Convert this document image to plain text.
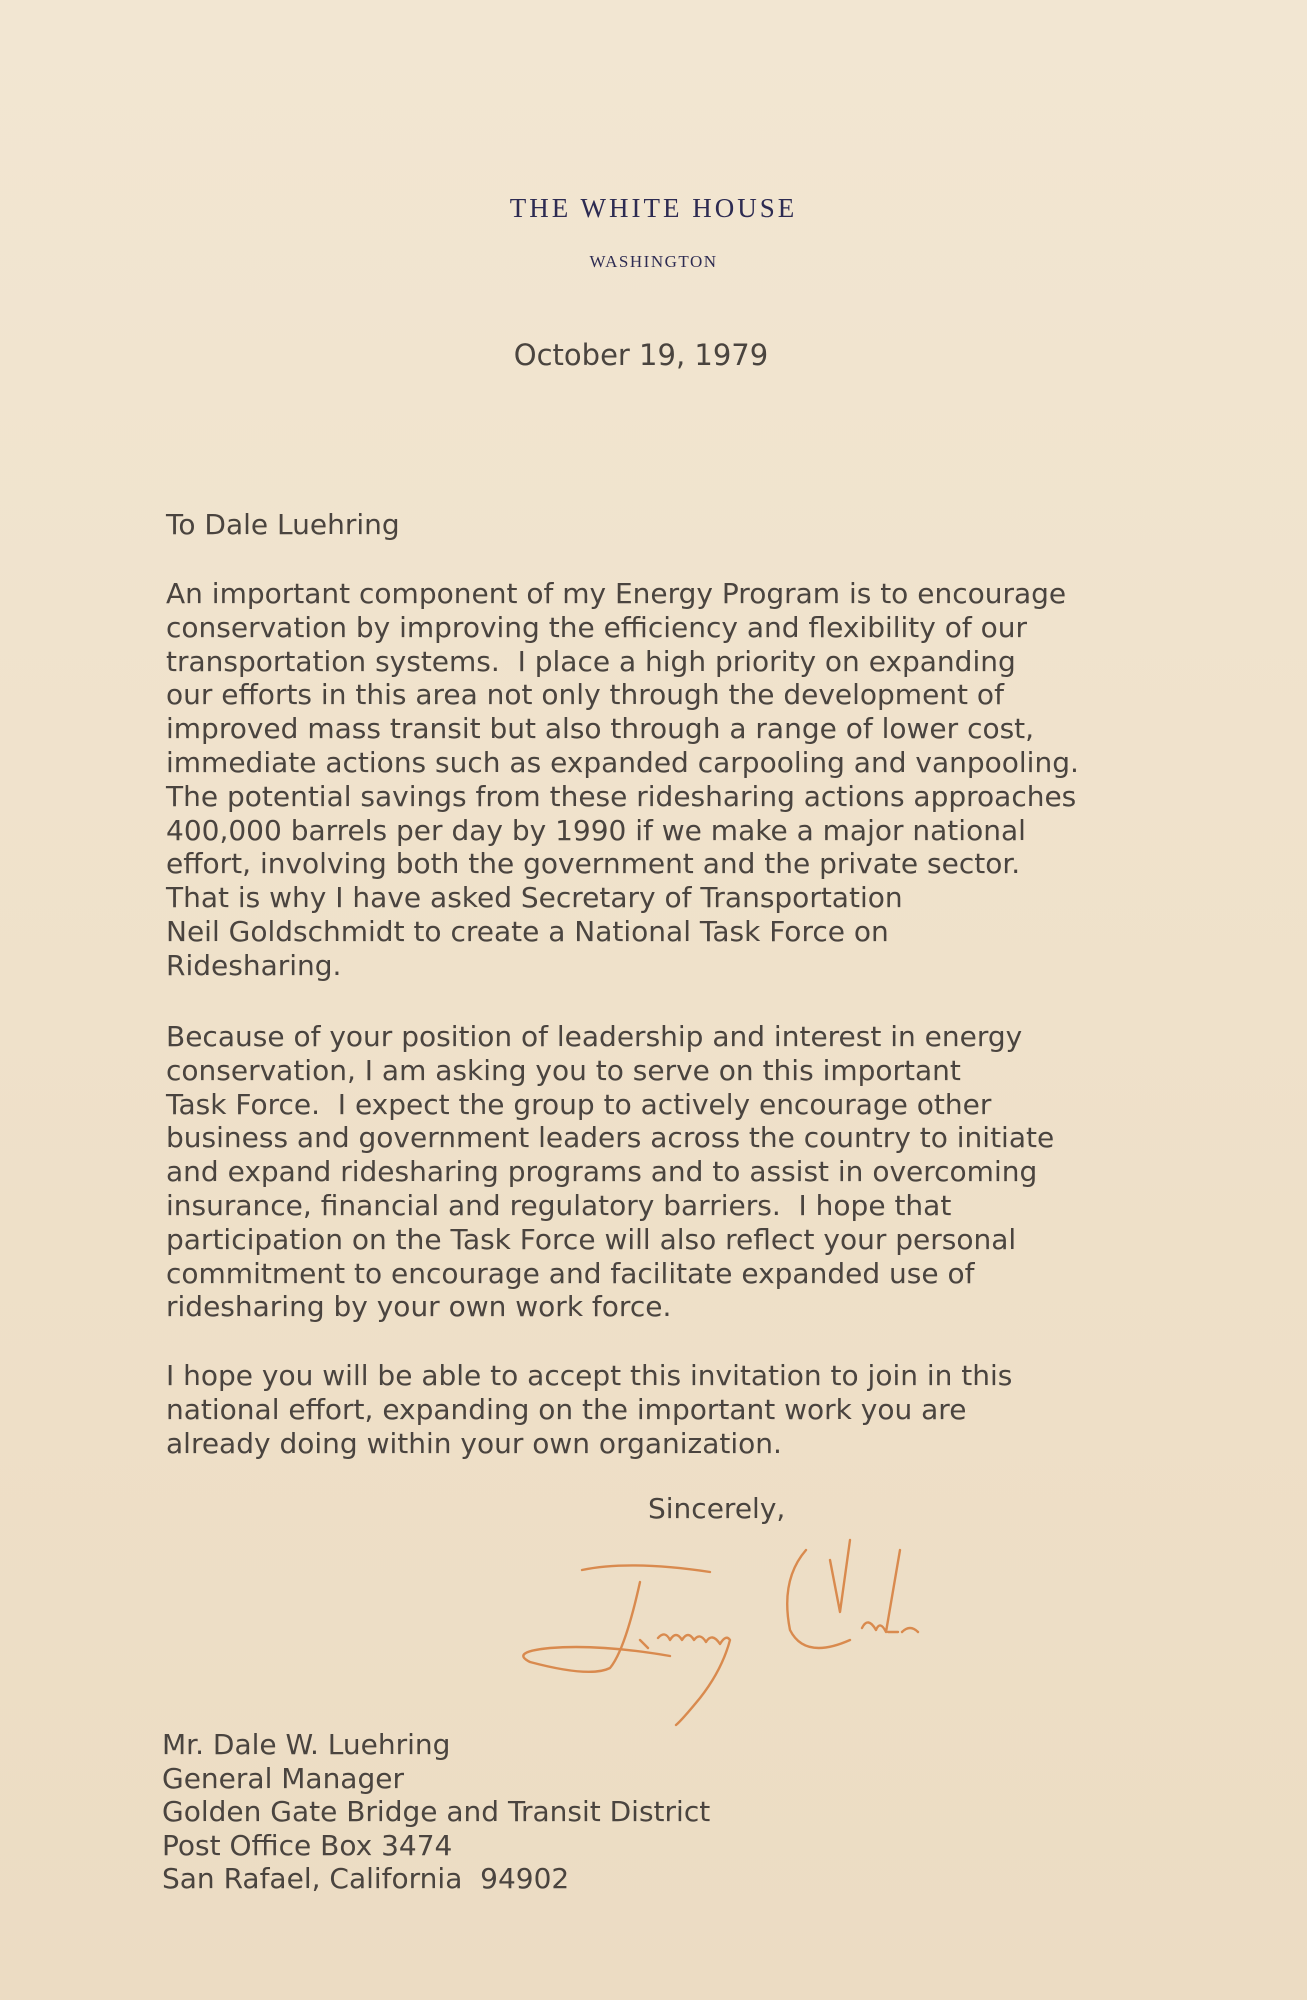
THE WHITE HOUSE
WASHINGTON
October 19, 1979
To Dale Luehring
An important component of my Energy Program is to encourage
conservation by improving the efficiency and flexibility of our
transportation systems.  I place a high priority on expanding
our efforts in this area not only through the development of
improved mass transit but also through a range of lower cost,
immediate actions such as expanded carpooling and vanpooling.
The potential savings from these ridesharing actions approaches
400,000 barrels per day by 1990 if we make a major national
effort, involving both the government and the private sector.
That is why I have asked Secretary of Transportation
Neil Goldschmidt to create a National Task Force on
Ridesharing.
Because of your position of leadership and interest in energy
conservation, I am asking you to serve on this important
Task Force.  I expect the group to actively encourage other
business and government leaders across the country to initiate
and expand ridesharing programs and to assist in overcoming
insurance, financial and regulatory barriers.  I hope that
participation on the Task Force will also reflect your personal
commitment to encourage and facilitate expanded use of
ridesharing by your own work force.
I hope you will be able to accept this invitation to join in this
national effort, expanding on the important work you are
already doing within your own organization.
Sincerely,
Mr. Dale W. Luehring
General Manager
Golden Gate Bridge and Transit District
Post Office Box 3474
San Rafael, California  94902
